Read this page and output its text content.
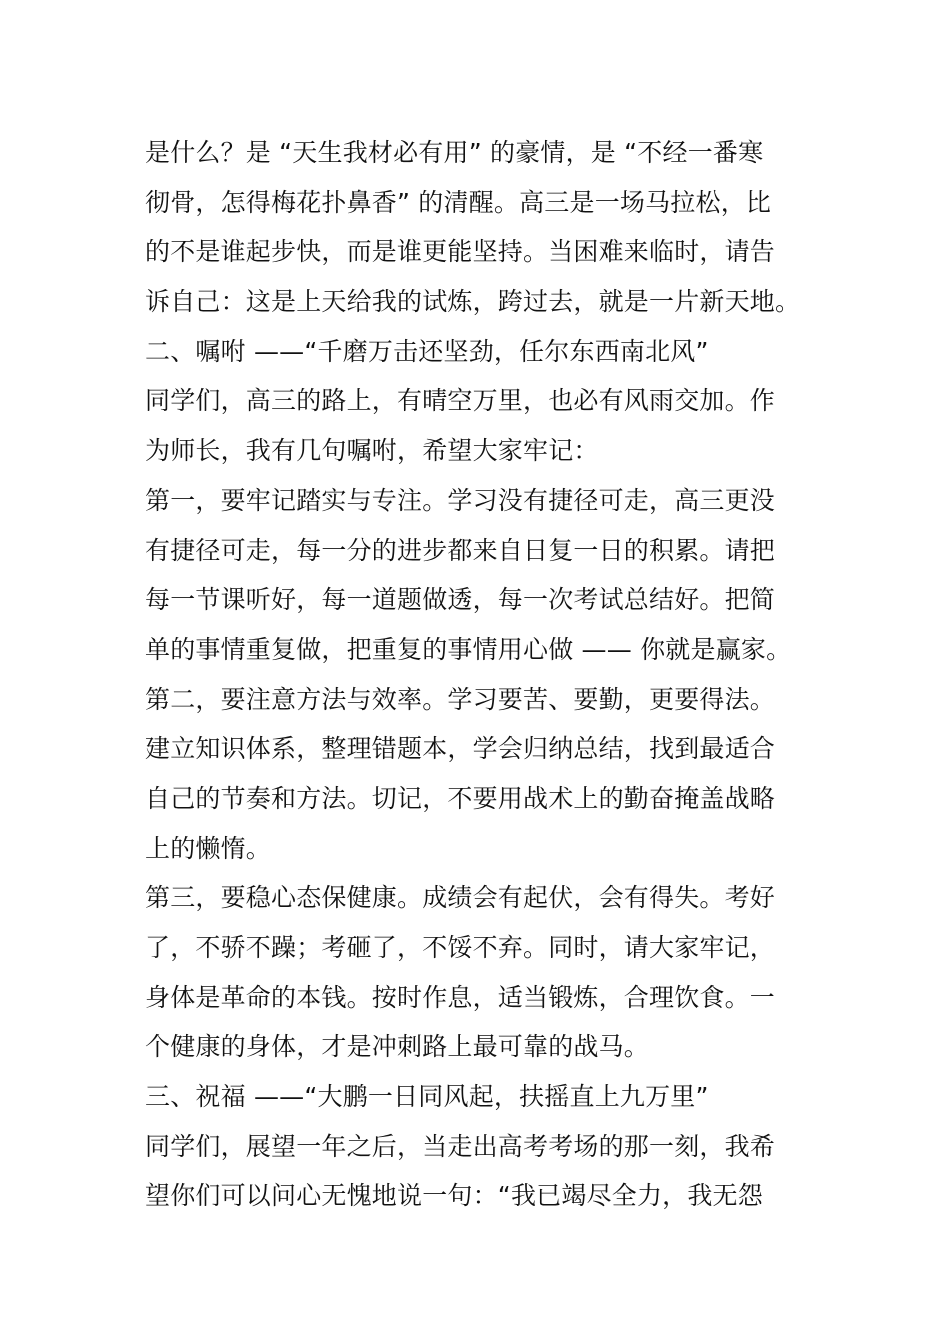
是什么？是 “天生我材必有用” 的豪情，是 “不经一番寒
彻骨，怎得梅花扑鼻香” 的清醒。高三是一场马拉松，比
的不是谁起步快，而是谁更能坚持。当困难来临时，请告
诉自己：这是上天给我的试炼，跨过去，就是一片新天地。
二、嘱咐 ——“千磨万击还坚劲，任尔东西南北风”
同学们，高三的路上，有晴空万里，也必有风雨交加。作
为师长，我有几句嘱咐，希望大家牢记：
第一，要牢记踏实与专注。学习没有捷径可走，高三更没
有捷径可走，每一分的进步都来自日复一日的积累。请把
每一节课听好，每一道题做透，每一次考试总结好。把简
单的事情重复做，把重复的事情用心做 —— 你就是赢家。
第二，要注意方法与效率。学习要苦、要勤，更要得法。
建立知识体系，整理错题本，学会归纳总结，找到最适合
自己的节奏和方法。切记，不要用战术上的勤奋掩盖战略
上的懒惰。
第三，要稳心态保健康。成绩会有起伏，会有得失。考好
了，不骄不躁；考砸了，不馁不弃。同时，请大家牢记，
身体是革命的本钱。按时作息，适当锻炼，合理饮食。一
个健康的身体，才是冲刺路上最可靠的战马。
三、祝福 ——“大鹏一日同风起，扶摇直上九万里”
同学们，展望一年之后，当走出高考考场的那一刻，我希
望你们可以问心无愧地说一句：“我已竭尽全力，我无怨
